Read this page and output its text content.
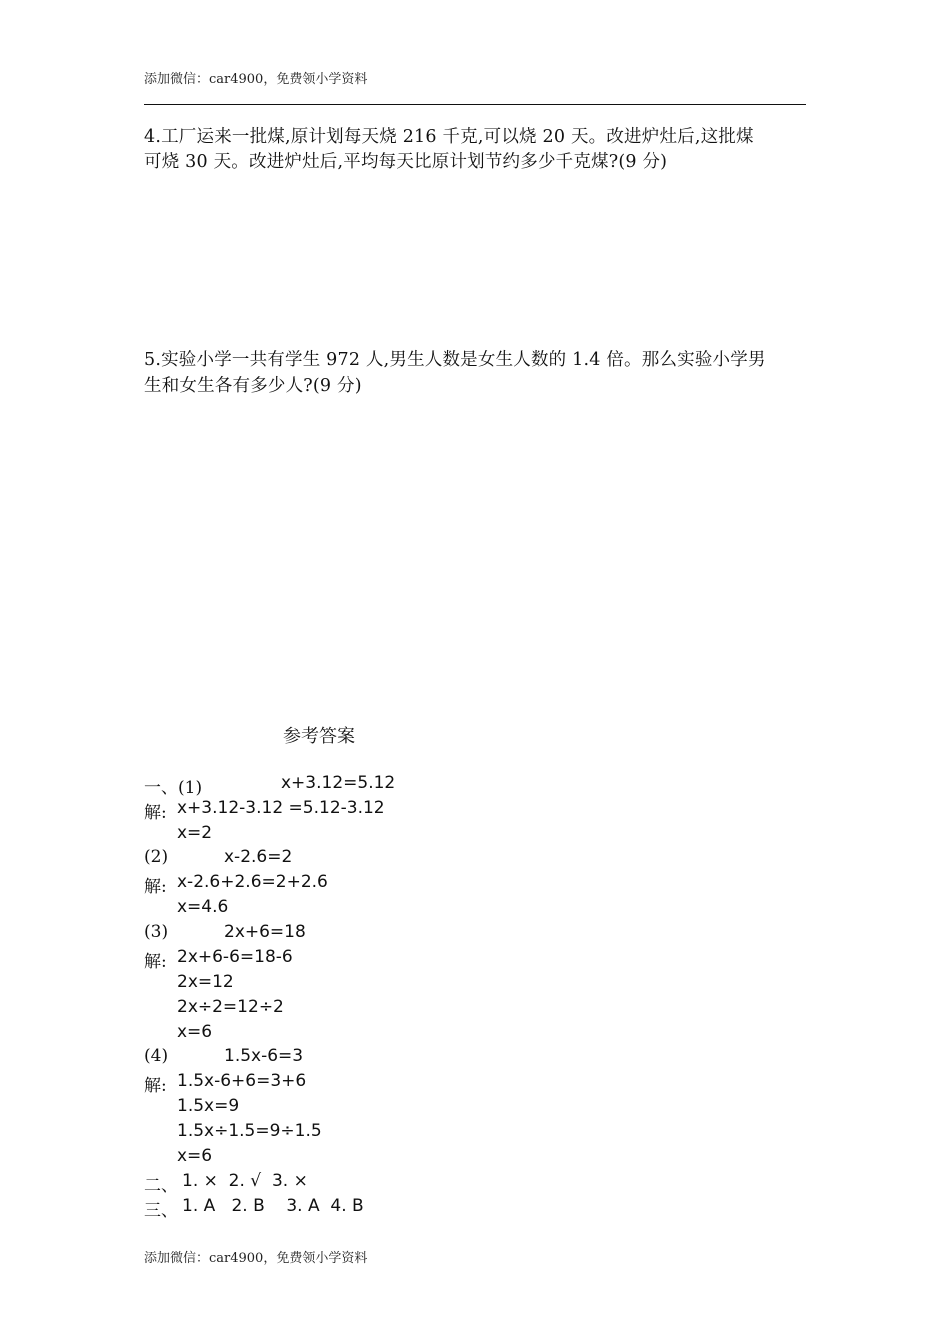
添加微信：car4900，免费领小学资料
4.工厂运来一批煤,原计划每天烧 216 千克,可以烧 20 天。改进炉灶后,这批煤
可烧 30 天。改进炉灶后,平均每天比原计划节约多少千克煤?(9 分)
5.实验小学一共有学生 972 人,男生人数是女生人数的 1.4 倍。那么实验小学男
生和女生各有多少人?(9 分)
参考答案
一、(1)	x+3.12=5.12
解: x+3.12-3.12 =5.12-3.12
x=2
(2)	x-2.6=2
解: x-2.6+2.6=2+2.6
x=4.6
(3)	2x+6=18
解: 2x+6-6=18-6
2x=12
2x÷2=12÷2
x=6
(4)	1.5x-6=3
解: 1.5x-6+6=3+6
1.5x=9
1.5x÷1.5=9÷1.5
x=6
二、 1. ×  2. √  3. ×
三、 1. A   2. B    3. A  4. B
添加微信：car4900，免费领小学资料
